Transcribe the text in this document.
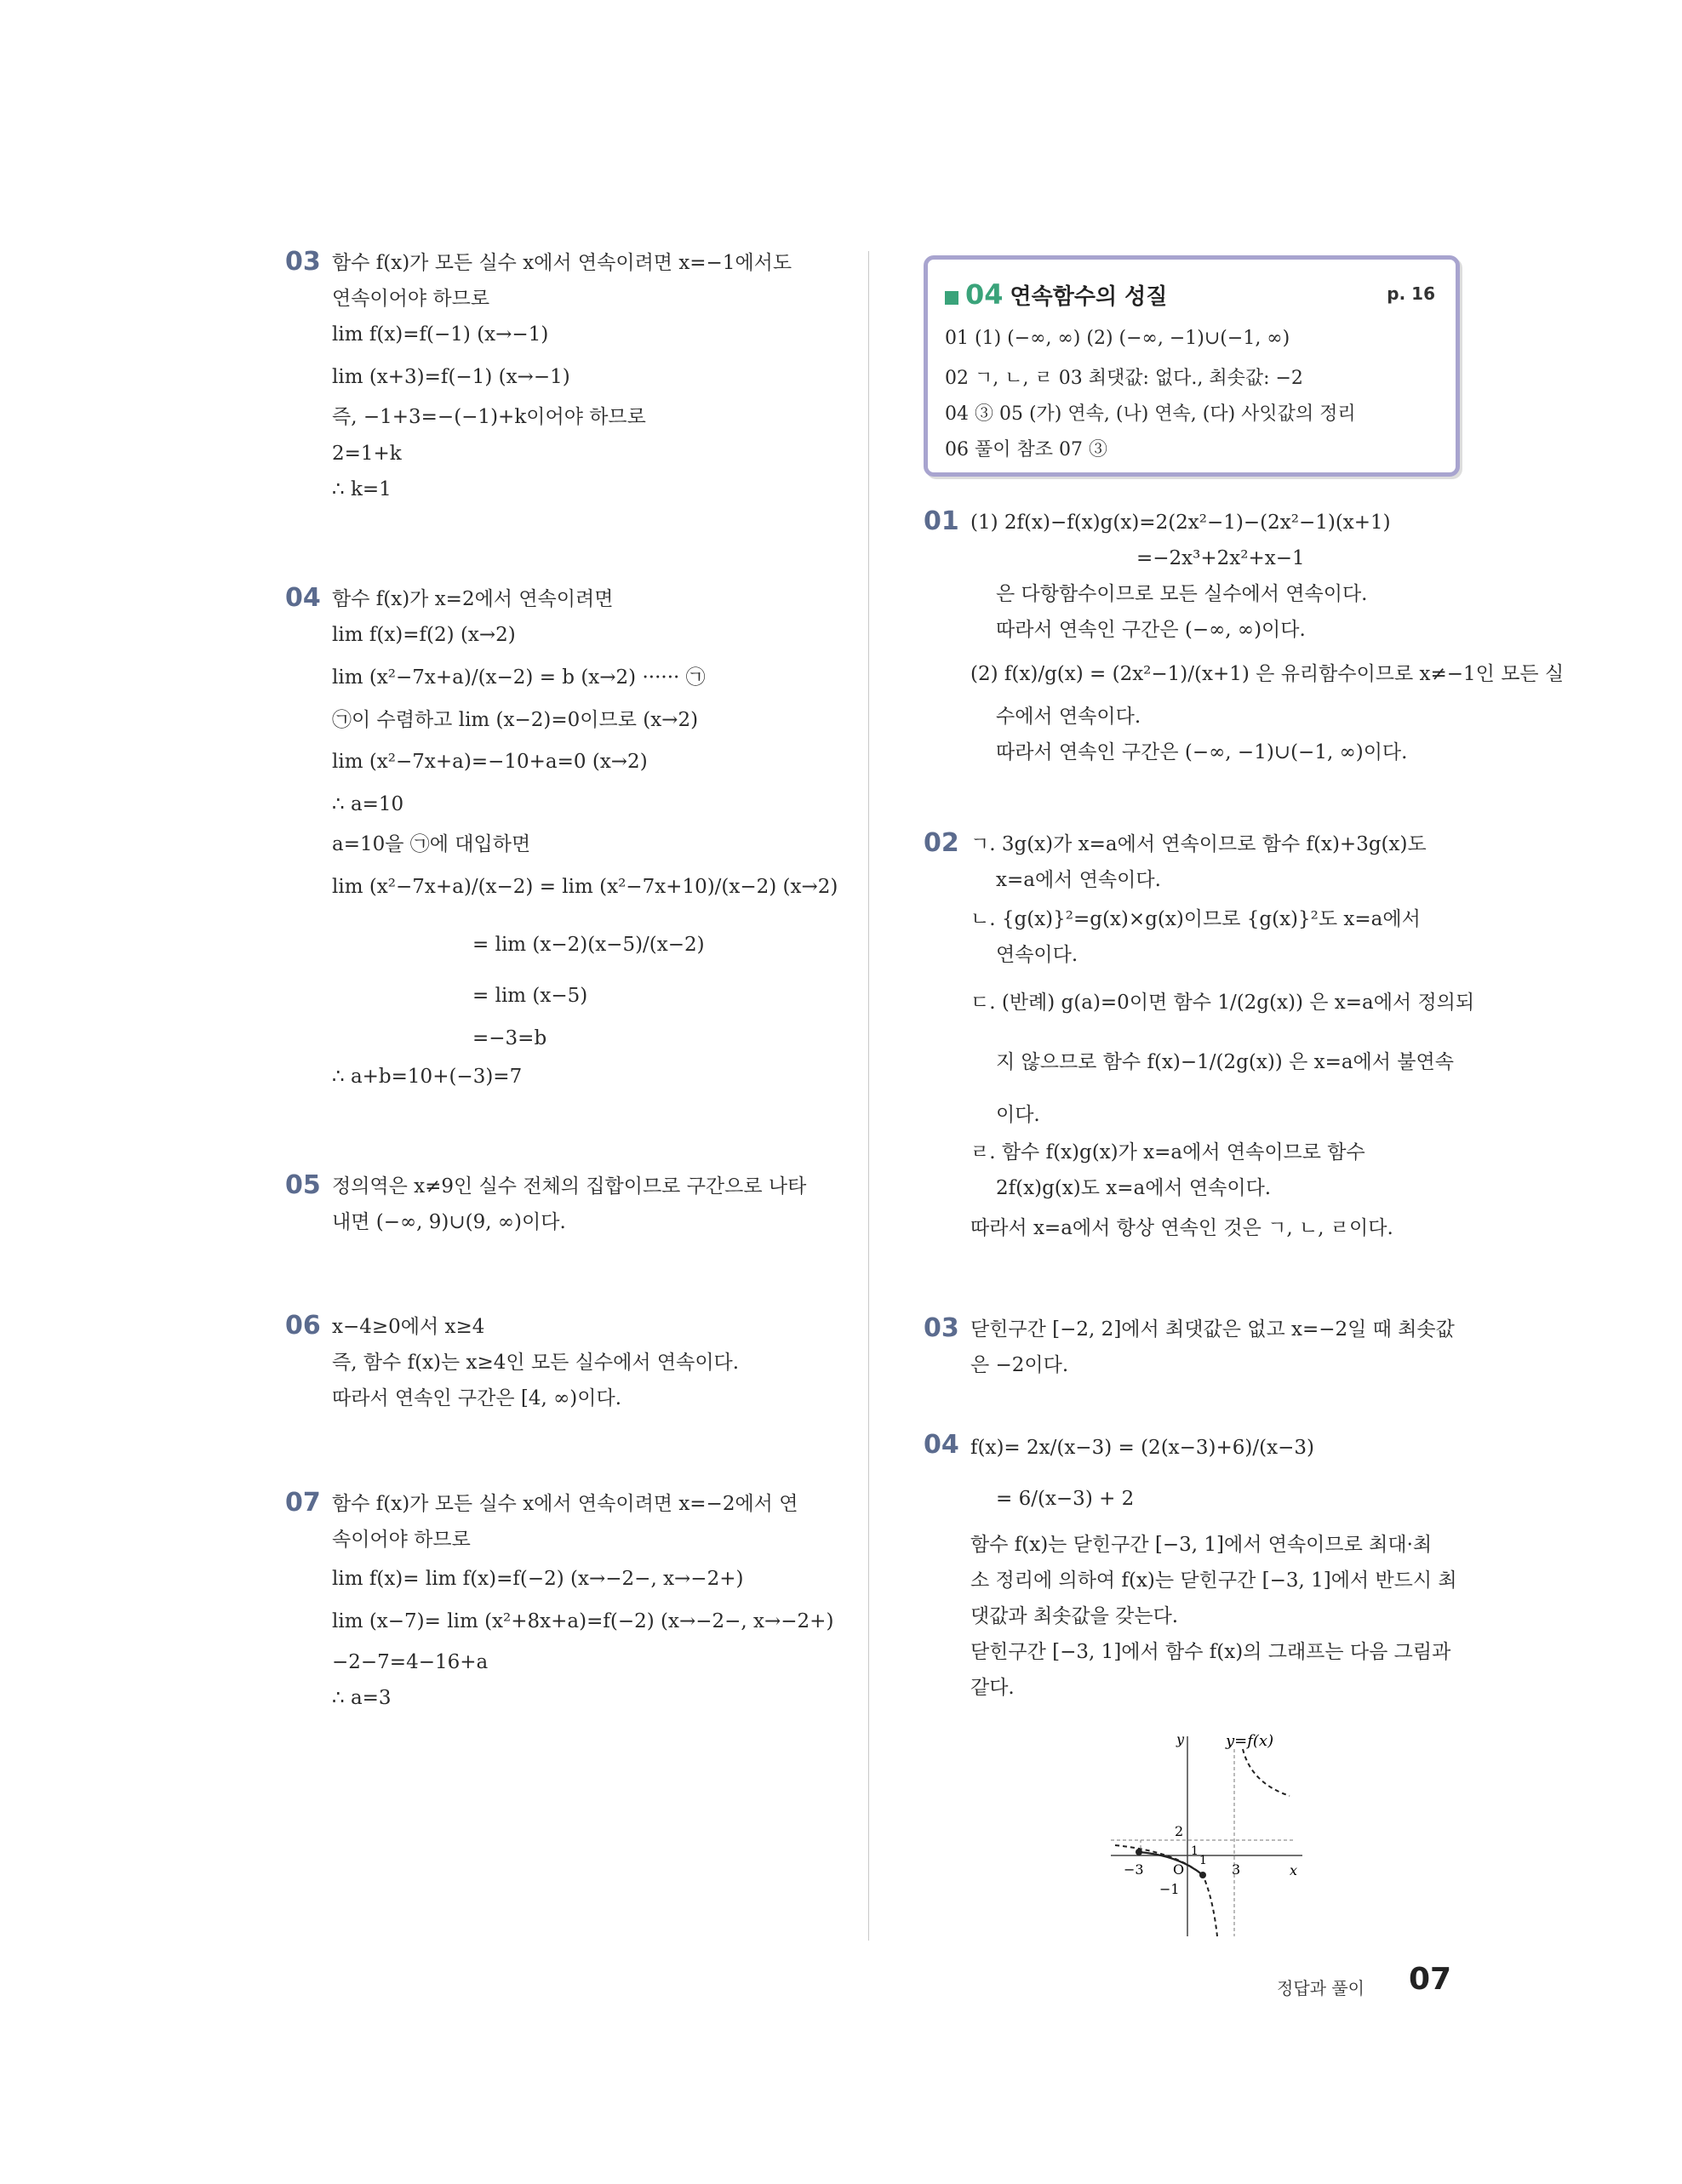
03 함수 f(x)가 모든 실수 x에서 연속이려면 x=−1에서도
연속이어야 하므로
lim f(x)=f(−1) (x→−1)
lim (x+3)=f(−1) (x→−1)
즉, −1+3=−(−1)+k이어야 하므로
2=1+k
∴ k=1
04 함수 f(x)가 x=2에서 연속이려면
lim f(x)=f(2) (x→2)
lim (x²−7x+a)/(x−2) = b (x→2) ······ ㉠
㉠이 수렴하고 lim (x−2)=0이므로 (x→2)
lim (x²−7x+a)=−10+a=0 (x→2)
∴ a=10
a=10을 ㉠에 대입하면
lim (x²−7x+a)/(x−2) = lim (x²−7x+10)/(x−2) (x→2)
= lim (x−2)(x−5)/(x−2)
= lim (x−5)
=−3=b
∴ a+b=10+(−3)=7
05 정의역은 x≠9인 실수 전체의 집합이므로 구간으로 나타
내면 (−∞, 9)∪(9, ∞)이다.
06 x−4≥0에서 x≥4
즉, 함수 f(x)는 x≥4인 모든 실수에서 연속이다.
따라서 연속인 구간은 [4, ∞)이다.
07 함수 f(x)가 모든 실수 x에서 연속이려면 x=−2에서 연
속이어야 하므로
lim f(x)= lim f(x)=f(−2) (x→−2−, x→−2+)
lim (x−7)= lim (x²+8x+a)=f(−2) (x→−2−, x→−2+)
−2−7=4−16+a
∴ a=3
04 연속함수의 성질	p. 16
01 (1) (−∞, ∞) (2) (−∞, −1)∪(−1, ∞)
02 ㄱ, ㄴ, ㄹ 03 최댓값: 없다., 최솟값: −2
04 ③ 05 (가) 연속, (나) 연속, (다) 사잇값의 정리
06 풀이 참조 07 ③
01 (1) 2f(x)−f(x)g(x)=2(2x²−1)−(2x²−1)(x+1)
=−2x³+2x²+x−1
은 다항함수이므로 모든 실수에서 연속이다.
따라서 연속인 구간은 (−∞, ∞)이다.
(2) f(x)/g(x) = (2x²−1)/(x+1) 은 유리함수이므로 x≠−1인 모든 실
수에서 연속이다.
따라서 연속인 구간은 (−∞, −1)∪(−1, ∞)이다.
02 ㄱ. 3g(x)가 x=a에서 연속이므로 함수 f(x)+3g(x)도
x=a에서 연속이다.
ㄴ. {g(x)}²=g(x)×g(x)이므로 {g(x)}²도 x=a에서
연속이다.
ㄷ. (반례) g(a)=0이면 함수 1/(2g(x)) 은 x=a에서 정의되
지 않으므로 함수 f(x)−1/(2g(x)) 은 x=a에서 불연속
이다.
ㄹ. 함수 f(x)g(x)가 x=a에서 연속이므로 함수
2f(x)g(x)도 x=a에서 연속이다.
따라서 x=a에서 항상 연속인 것은 ㄱ, ㄴ, ㄹ이다.
03 닫힌구간 [−2, 2]에서 최댓값은 없고 x=−2일 때 최솟값
은 −2이다.
04 f(x)= 2x/(x−3) = (2(x−3)+6)/(x−3)
= 6/(x−3) + 2
함수 f(x)는 닫힌구간 [−3, 1]에서 연속이므로 최대·최
소 정리에 의하여 f(x)는 닫힌구간 [−3, 1]에서 반드시 최
댓값과 최솟값을 갖는다.
닫힌구간 [−3, 1]에서 함수 f(x)의 그래프는 다음 그림과
같다.
y	y=f(x)
x
O
−3
1
3
2
1
−1
정답과 풀이 07
